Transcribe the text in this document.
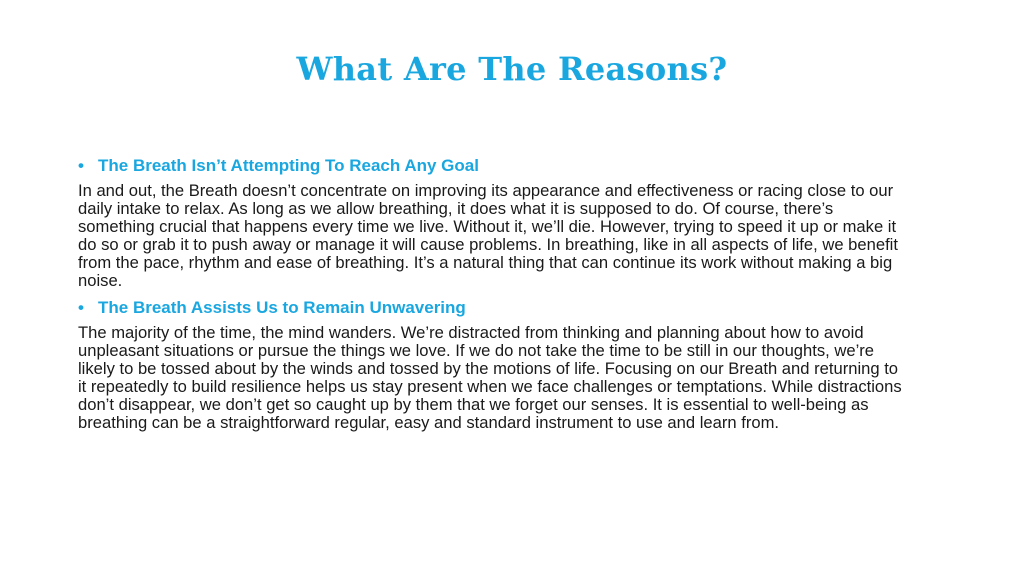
What Are The Reasons?
• The Breath Isn’t Attempting To Reach Any Goal

In and out, the Breath doesn’t concentrate on improving its appearance and effectiveness or racing close to our daily intake to relax. As long as we allow breathing, it does what it is supposed to do. Of course, there’s something crucial that happens every time we live. Without it, we’ll die. However, trying to speed it up or make it do so or grab it to push away or manage it will cause problems. In breathing, like in all aspects of life, we benefit from the pace, rhythm and ease of breathing. It’s a natural thing that can continue its work without making a big noise.

• The Breath Assists Us to Remain Unwavering

The majority of the time, the mind wanders. We’re distracted from thinking and planning about how to avoid unpleasant situations or pursue the things we love. If we do not take the time to be still in our thoughts, we’re likely to be tossed about by the winds and tossed by the motions of life. Focusing on our Breath and returning to it repeatedly to build resilience helps us stay present when we face challenges or temptations. While distractions don’t disappear, we don’t get so caught up by them that we forget our senses. It is essential to well-being as breathing can be a straightforward regular, easy and standard instrument to use and learn from.
